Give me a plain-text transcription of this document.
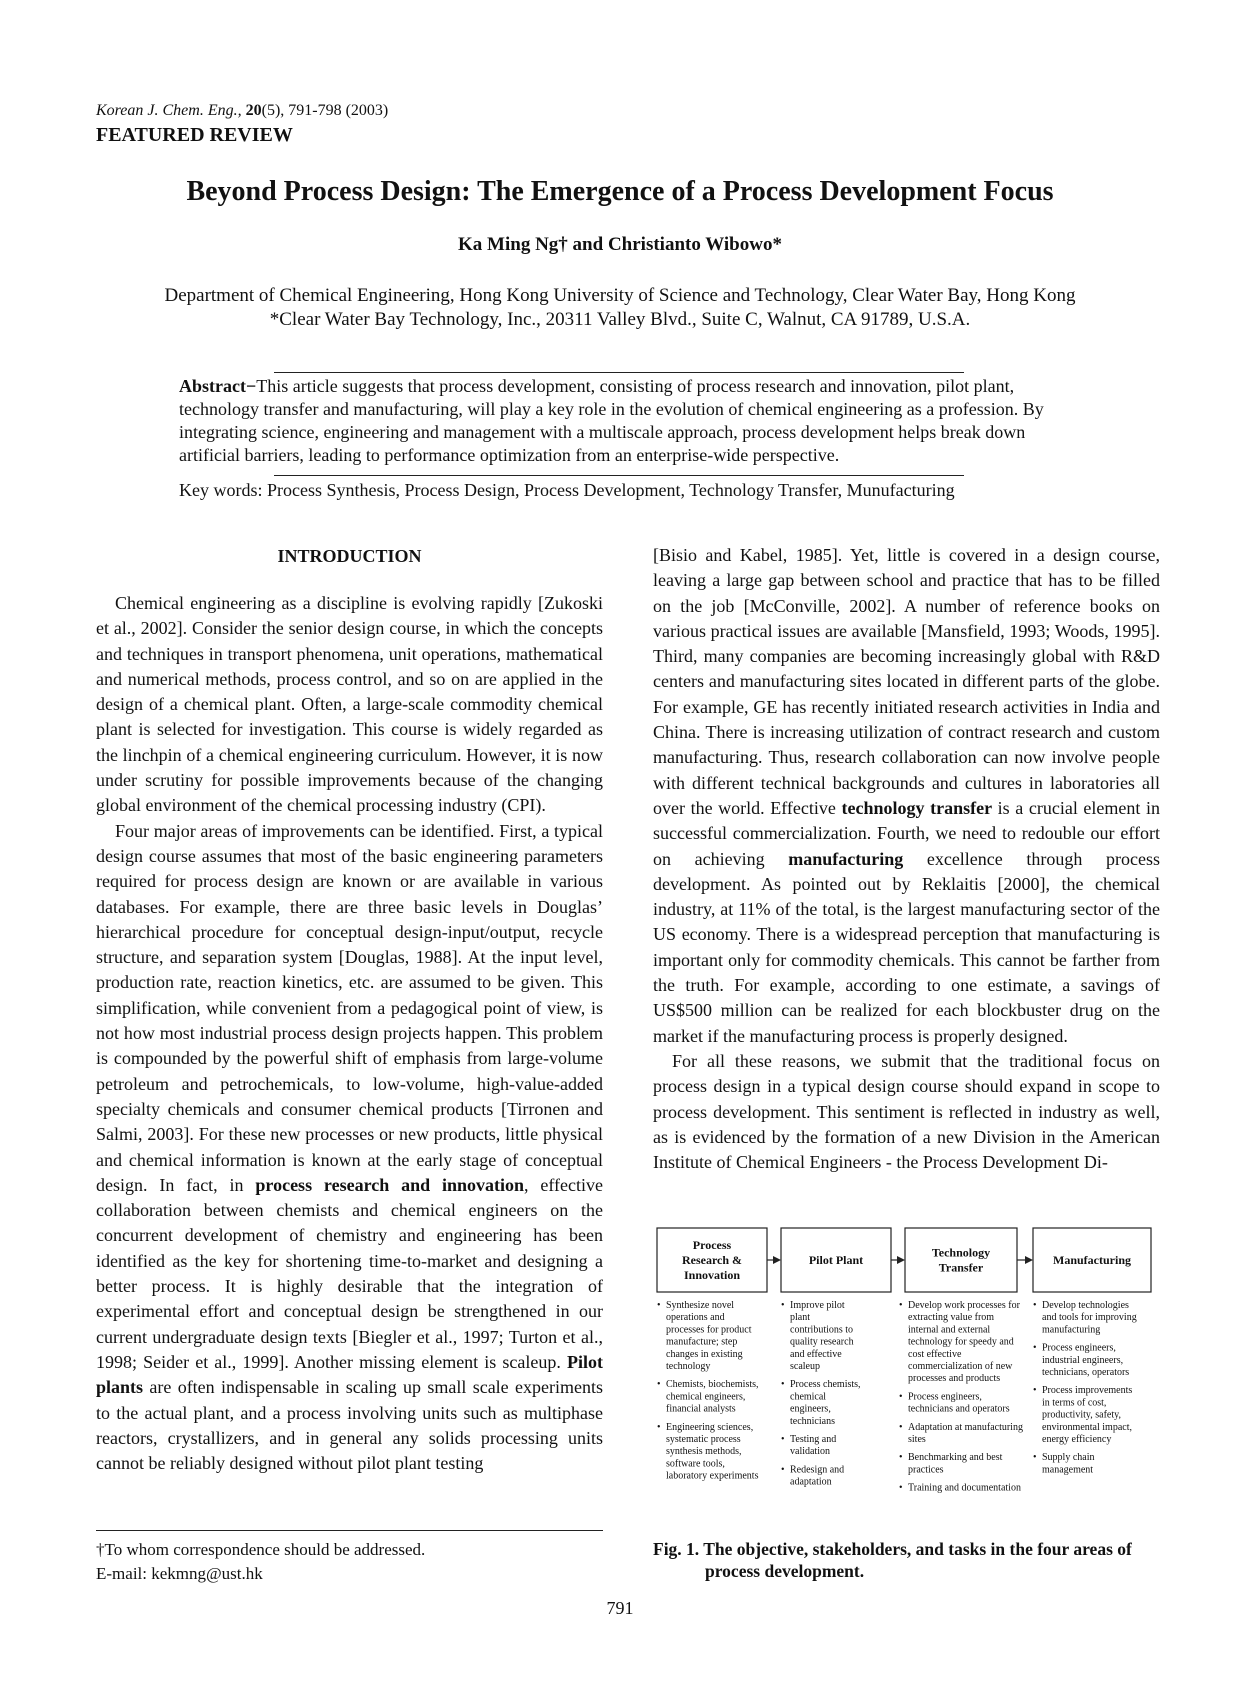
Korean J. Chem. Eng., 20(5), 791-798 (2003)
FEATURED REVIEW
Beyond Process Design: The Emergence of a Process Development Focus
Ka Ming Ng† and Christianto Wibowo*
Department of Chemical Engineering, Hong Kong University of Science and Technology, Clear Water Bay, Hong Kong
*Clear Water Bay Technology, Inc., 20311 Valley Blvd., Suite C, Walnut, CA 91789, U.S.A.
Abstract−This article suggests that process development, consisting of process research and innovation, pilot plant, technology transfer and manufacturing, will play a key role in the evolution of chemical engineering as a profession. By integrating science, engineering and management with a multiscale approach, process development helps break down artificial barriers, leading to performance optimization from an enterprise-wide perspective.
Key words: Process Synthesis, Process Design, Process Development, Technology Transfer, Munufacturing
INTRODUCTION

Chemical engineering as a discipline is evolving rapidly [Zukoski et al., 2002]. Consider the senior design course, in which the concepts and techniques in transport phenomena, unit operations, mathematical and numerical methods, process control, and so on are applied in the design of a chemical plant. Often, a large-scale commodity chemical plant is selected for investigation. This course is widely regarded as the linchpin of a chemical engineering curriculum. However, it is now under scrutiny for possible improvements because of the changing global environment of the chemical processing industry (CPI).

Four major areas of improvements can be identified. First, a typical design course assumes that most of the basic engineering parameters required for process design are known or are available in various databases. For example, there are three basic levels in Douglas’ hierarchical procedure for conceptual design-input/output, recycle structure, and separation system [Douglas, 1988]. At the input level, production rate, reaction kinetics, etc. are assumed to be given. This simplification, while convenient from a pedagogical point of view, is not how most industrial process design projects happen. This problem is compounded by the powerful shift of emphasis from large-volume petroleum and petrochemicals, to low-volume, high-value-added specialty chemicals and consumer chemical products [Tirronen and Salmi, 2003]. For these new processes or new products, little physical and chemical information is known at the early stage of conceptual design. In fact, in process research and innovation, effective collaboration between chemists and chemical engineers on the concurrent development of chemistry and engineering has been identified as the key for shortening time-to-market and designing a better process. It is highly desirable that the integration of experimental effort and conceptual design be strengthened in our current undergraduate design texts [Biegler et al., 1997; Turton et al., 1998; Seider et al., 1999]. Another missing element is scaleup. Pilot plants are often indispensable in scaling up small scale experiments to the actual plant, and a process involving units such as multiphase reactors, crystallizers, and in general any solids processing units cannot be reliably designed without pilot plant testing

[Bisio and Kabel, 1985]. Yet, little is covered in a design course, leaving a large gap between school and practice that has to be filled on the job [McConville, 2002]. A number of reference books on various practical issues are available [Mansfield, 1993; Woods, 1995]. Third, many companies are becoming increasingly global with R&D centers and manufacturing sites located in different parts of the globe. For example, GE has recently initiated research activities in India and China. There is increasing utilization of contract research and custom manufacturing. Thus, research collaboration can now involve people with different technical backgrounds and cultures in laboratories all over the world. Effective technology transfer is a crucial element in successful commercialization. Fourth, we need to redouble our effort on achieving manufacturing excellence through process development. As pointed out by Reklaitis [2000], the chemical industry, at 11% of the total, is the largest manufacturing sector of the US economy. There is a widespread perception that manufacturing is important only for commodity chemicals. This cannot be farther from the truth. For example, according to one estimate, a savings of US$500 million can be realized for each blockbuster drug on the market if the manufacturing process is properly designed.

For all these reasons, we submit that the traditional focus on process design in a typical design course should expand in scope to process development. This sentiment is reflected in industry as well, as is evidenced by the formation of a new Division in the American Institute of Chemical Engineers - the Process Development Di-

Process
Research &
Innovation
Pilot Plant
Technology
Transfer
Manufacturing
• Synthesize novel
operations and
processes for product
manufacture; step
changes in existing
technology
• Chemists, biochemists,
chemical engineers,
financial analysts
• Engineering sciences,
systematic process
synthesis methods,
software tools,
laboratory experiments
• Improve pilot
plant
contributions to
quality research
and effective
scaleup
• Process chemists,
chemical
engineers,
technicians
• Testing and
validation
• Redesign and
adaptation
• Develop work processes for
extracting value from
internal and external
technology for speedy and
cost effective
commercialization of new
processes and products
• Process engineers,
technicians and operators
• Adaptation at manufacturing
sites
• Benchmarking and best
practices
• Training and documentation
• Develop technologies
and tools for improving
manufacturing
• Process engineers,
industrial engineers,
technicians, operators
• Process improvements
in terms of cost,
productivity, safety,
environmental impact,
energy efficiency
• Supply chain
management
Fig. 1. The objective, stakeholders, and tasks in the four areas of
process development.
†To whom correspondence should be addressed.
E-mail: kekmng@ust.hk
791
